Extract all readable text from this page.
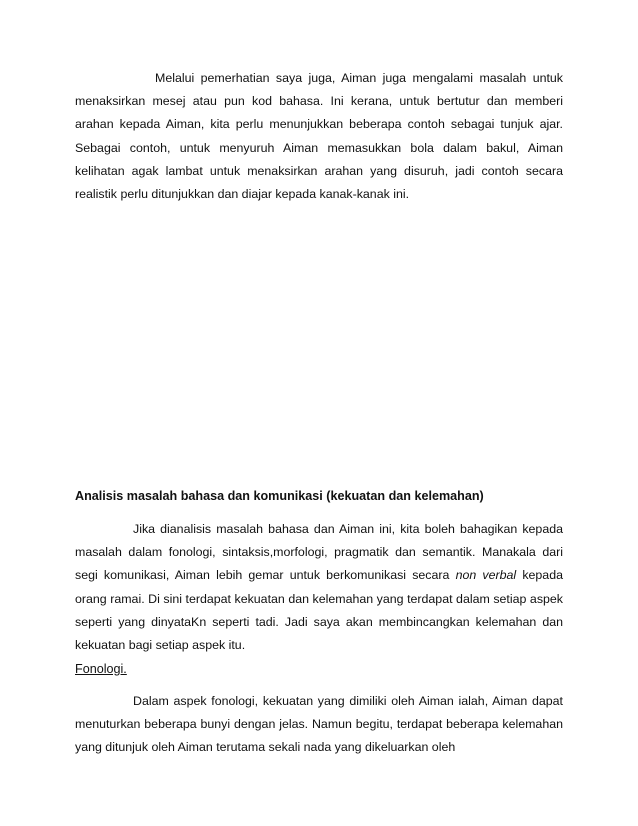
Melalui pemerhatian saya juga, Aiman juga mengalami masalah untuk menaksirkan mesej atau pun kod bahasa. Ini kerana, untuk bertutur dan memberi arahan kepada Aiman, kita perlu menunjukkan beberapa contoh sebagai tunjuk ajar. Sebagai contoh, untuk menyuruh Aiman memasukkan bola dalam bakul, Aiman kelihatan agak lambat untuk menaksirkan arahan yang disuruh, jadi contoh secara realistik perlu ditunjukkan dan diajar kepada kanak-kanak ini.

Analisis masalah bahasa dan komunikasi (kekuatan dan kelemahan)

Jika dianalisis masalah bahasa dan Aiman ini, kita boleh bahagikan kepada masalah dalam fonologi, sintaksis,morfologi, pragmatik dan semantik. Manakala dari segi komunikasi, Aiman lebih gemar untuk berkomunikasi secara non verbal kepada orang ramai. Di sini terdapat kekuatan dan kelemahan yang terdapat dalam setiap aspek seperti yang dinyataKn seperti tadi. Jadi saya akan membincangkan kelemahan dan kekuatan bagi setiap aspek itu.

Fonologi.

Dalam aspek fonologi, kekuatan yang dimiliki oleh Aiman ialah, Aiman dapat menuturkan beberapa bunyi dengan jelas. Namun begitu, terdapat beberapa kelemahan yang ditunjuk oleh Aiman terutama sekali nada yang dikeluarkan oleh
